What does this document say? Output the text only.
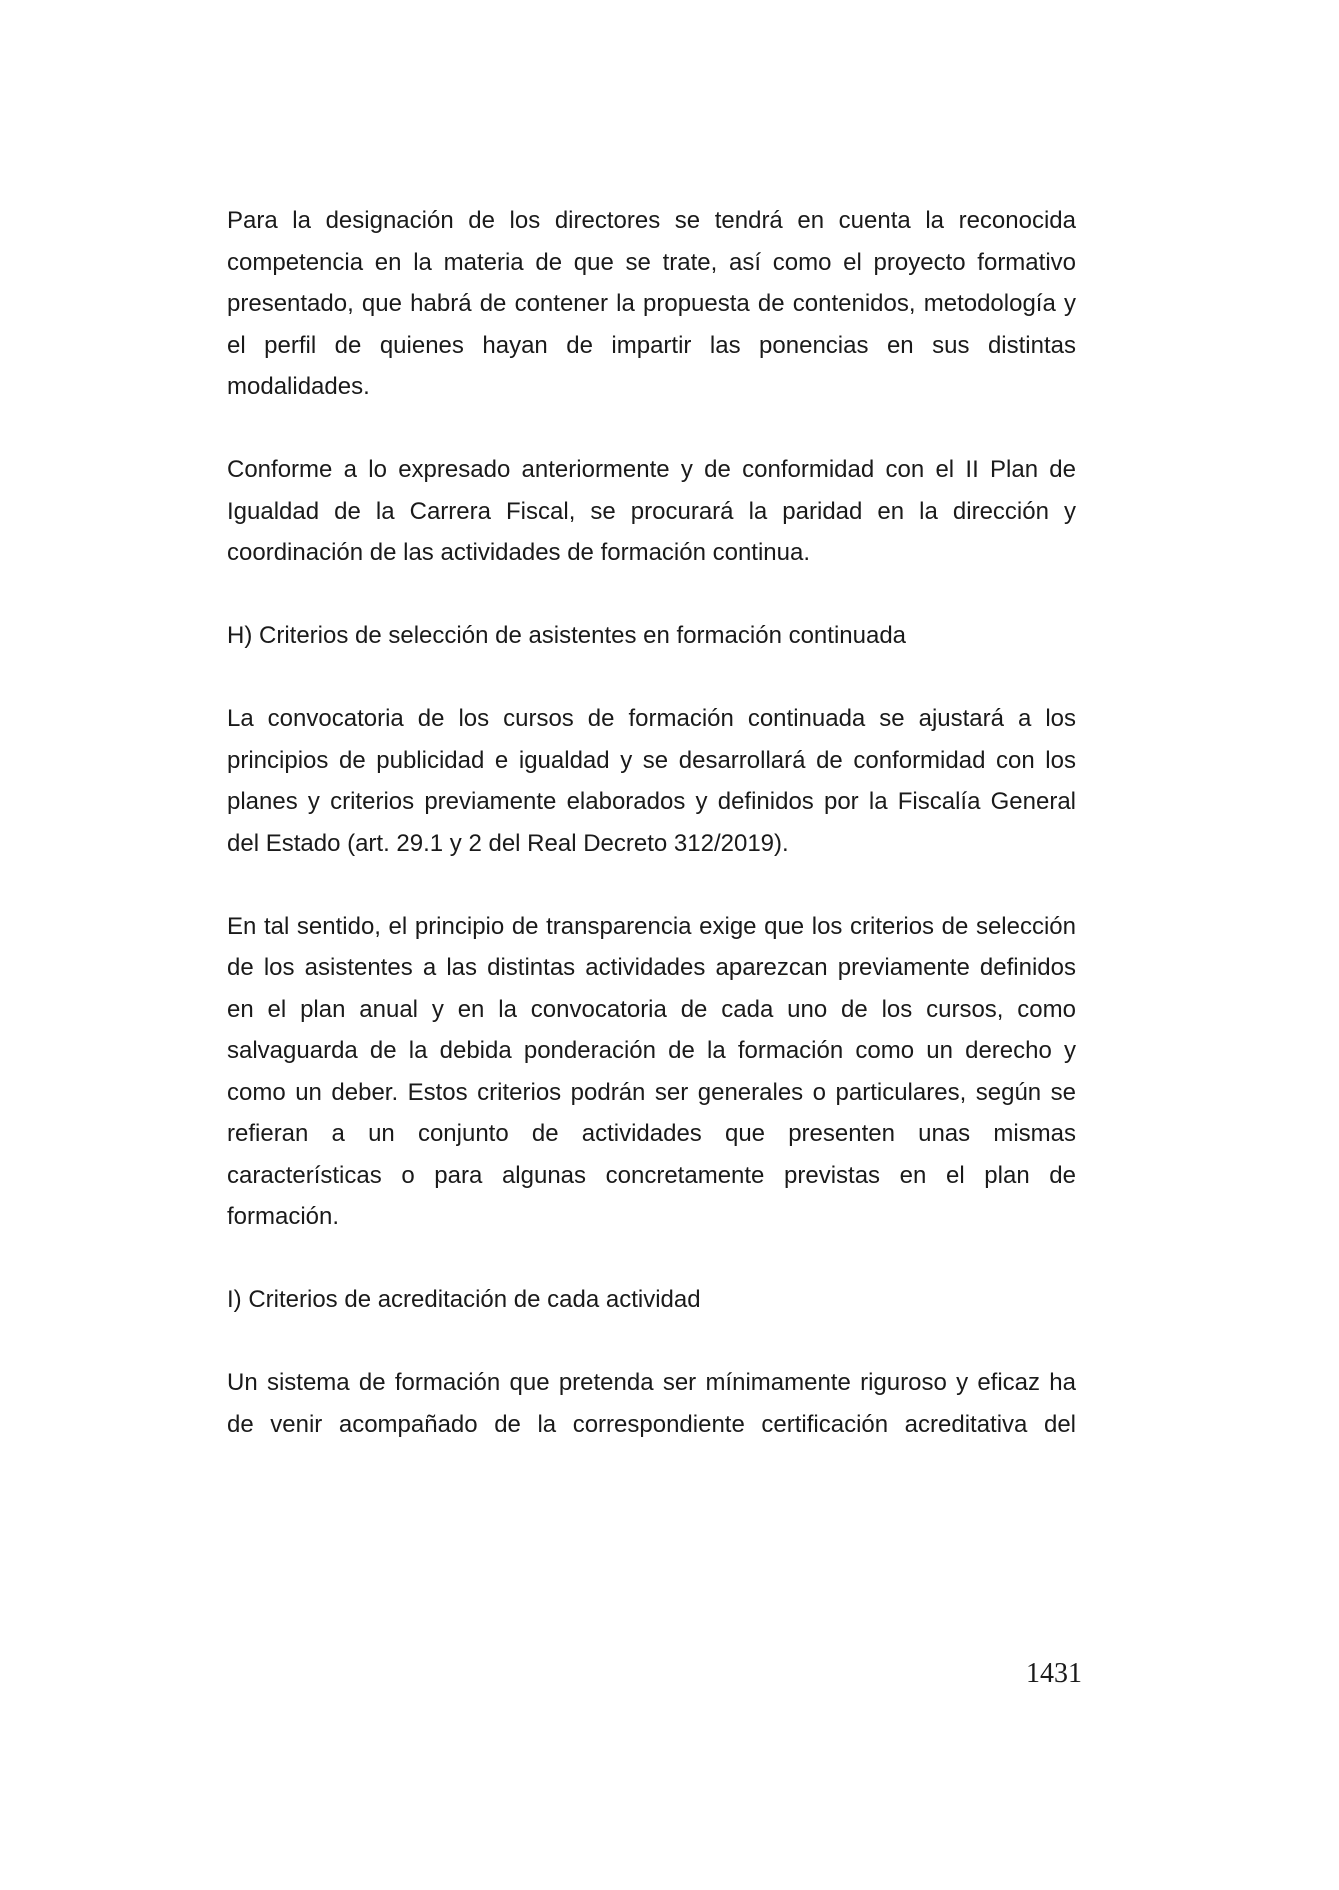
Para la designación de los directores se tendrá en cuenta la reconocida competencia en la materia de que se trate, así como el proyecto formativo presentado, que habrá de contener la propuesta de contenidos, metodología y el perfil de quienes hayan de impartir las ponencias en sus distintas modalidades.

Conforme a lo expresado anteriormente y de conformidad con el II Plan de Igualdad de la Carrera Fiscal, se procurará la paridad en la dirección y coordinación de las actividades de formación continua.

H) Criterios de selección de asistentes en formación continuada

La convocatoria de los cursos de formación continuada se ajustará a los principios de publicidad e igualdad y se desarrollará de conformidad con los planes y criterios previamente elaborados y definidos por la Fiscalía General del Estado (art. 29.1 y 2 del Real Decreto 312/2019).

En tal sentido, el principio de transparencia exige que los criterios de selección de los asistentes a las distintas actividades aparezcan previamente definidos en el plan anual y en la convocatoria de cada uno de los cursos, como salvaguarda de la debida ponderación de la formación como un derecho y como un deber. Estos criterios podrán ser generales o particulares, según se refieran a un conjunto de actividades que presenten unas mismas características o para algunas concretamente previstas en el plan de formación.

I) Criterios de acreditación de cada actividad

Un sistema de formación que pretenda ser mínimamente riguroso y eficaz ha de venir acompañado de la correspondiente certificación acreditativa del

1431
